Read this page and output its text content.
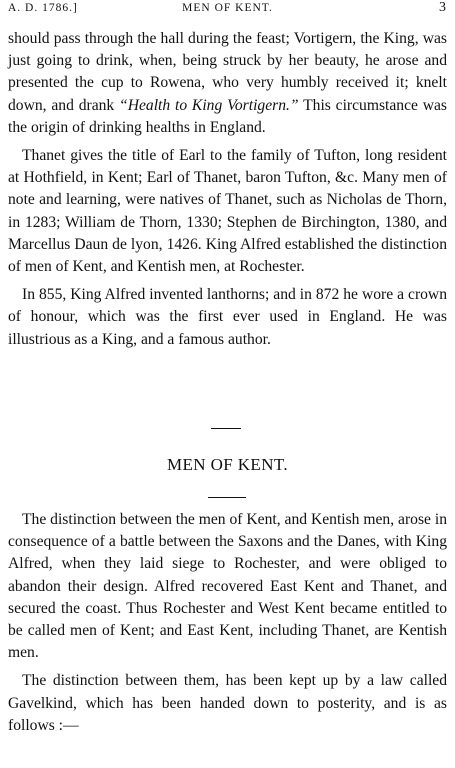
A. D. 1786.]	MEN OF KENT.	3

should pass through the hall during the feast; Vortigern, the King, was just going to drink, when, being struck by her beauty, he arose and presented the cup to Rowena, who very humbly received it; knelt down, and drank “Health to King Vortigern.” This circumstance was the origin of drinking healths in England.

Thanet gives the title of Earl to the family of Tufton, long resident at Hothfield, in Kent; Earl of Thanet, baron Tufton, &c. Many men of note and learning, were natives of Thanet, such as Nicholas de Thorn, in 1283; William de Thorn, 1330; Stephen de Birchington, 1380, and Marcellus Daun de lyon, 1426. King Alfred established the distinction of men of Kent, and Kentish men, at Rochester.

In 855, King Alfred invented lanthorns; and in 872 he wore a crown of honour, which was the first ever used in England. He was illustrious as a King, and a famous author.

MEN OF KENT.

The distinction between the men of Kent, and Kentish men, arose in consequence of a battle between the Saxons and the Danes, with King Alfred, when they laid siege to Rochester, and were obliged to abandon their design. Alfred recovered East Kent and Thanet, and secured the coast. Thus Rochester and West Kent became entitled to be called men of Kent; and East Kent, including Thanet, are Kentish men.

The distinction between them, has been kept up by a law called Gavelkind, which has been handed down to posterity, and is as follows :—
